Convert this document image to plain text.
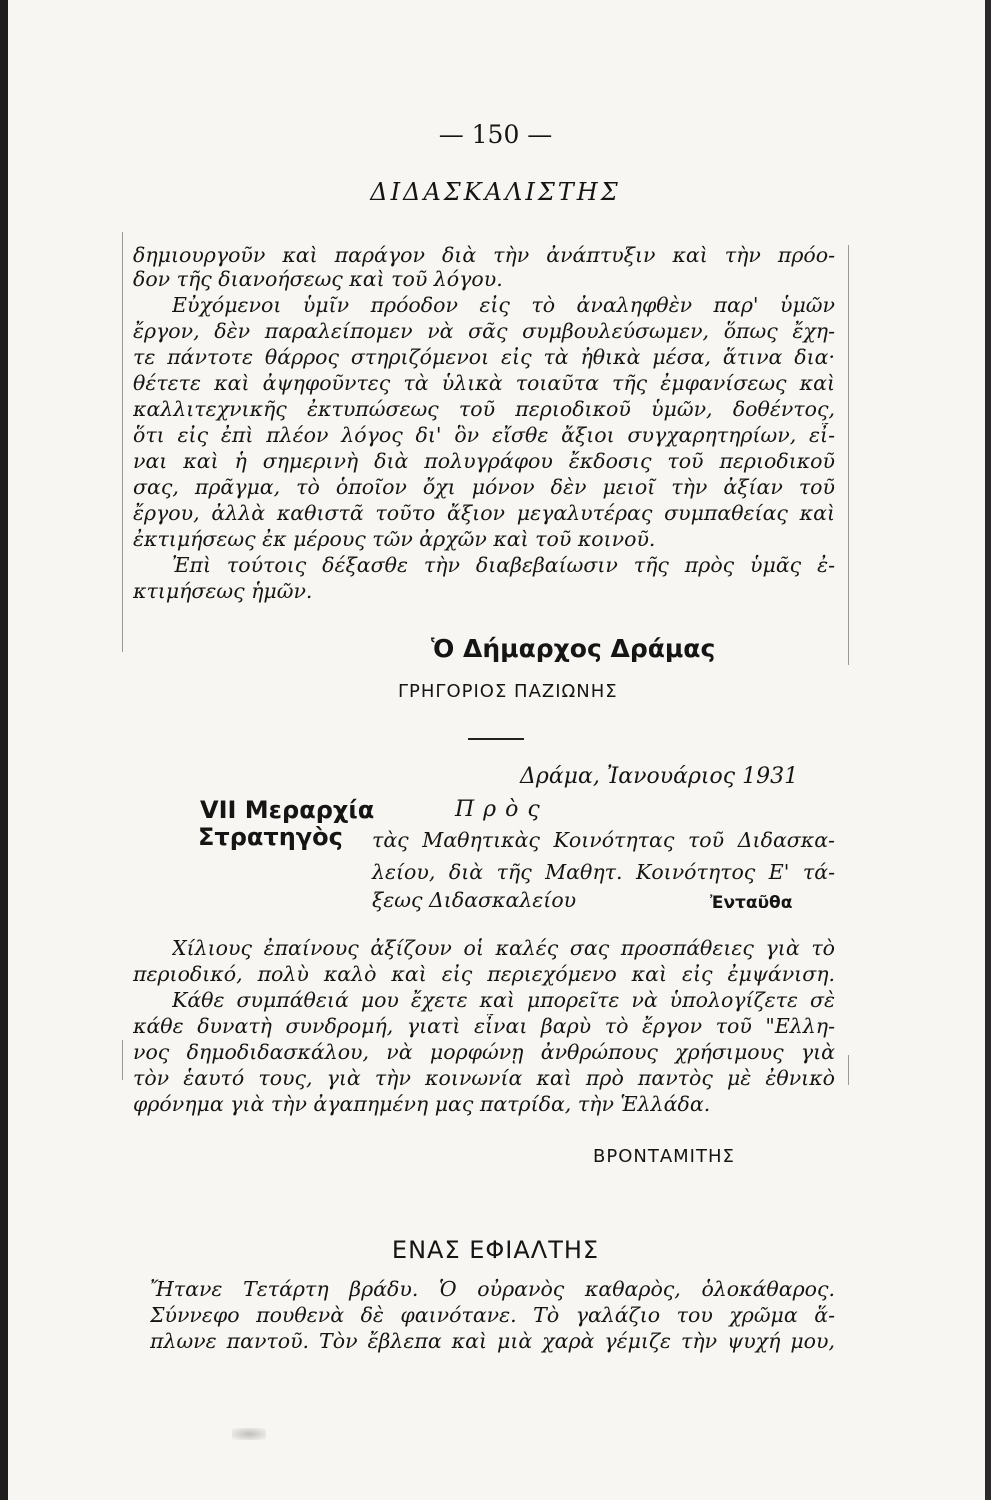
— 150 —
ΔΙΔΑΣΚΑΛΙΣΤΗΣ
δημιουργοῦν καὶ παράγον διὰ τὴν ἀνάπτυξιν καὶ τὴν πρόο-
δον τῆς διανοήσεως καὶ τοῦ λόγου.
Εὐχόμενοι ὑμῖν πρόοδον εἰς τὸ ἀναληφθὲν παρ' ὑμῶν
ἔργον, δὲν παραλείπομεν νὰ σᾶς συμβουλεύσωμεν, ὅπως ἔχη-
τε πάντοτε θάρρος στηριζόμενοι εἰς τὰ ἠθικὰ μέσα, ἅτινα δια·
θέτετε καὶ ἀψηφοῦντες τὰ ὑλικὰ τοιαῦτα τῆς ἐμφανίσεως καὶ
καλλιτεχνικῆς ἐκτυπώσεως τοῦ περιοδικοῦ ὑμῶν, δοθέντος,
ὅτι εἰς ἐπὶ πλέον λόγος δι' ὃν εἴσθε ἄξιοι συγχαρητηρίων, εἶ-
ναι καὶ ἡ σημερινὴ διὰ πολυγράφου ἔκδοσις τοῦ περιοδικοῦ
σας, πρᾶγμα, τὸ ὁποῖον ὄχι μόνον δὲν μειοῖ τὴν ἀξίαν τοῦ
ἔργου, ἀλλὰ καθιστᾶ τοῦτο ἄξιον μεγαλυτέρας συμπαθείας καὶ
ἐκτιμήσεως ἐκ μέρους τῶν ἀρχῶν καὶ τοῦ κοινοῦ.
Ἐπὶ τούτοις δέξασθε τὴν διαβεβαίωσιν τῆς πρὸς ὑμᾶς ἐ-
κτιμήσεως ἡμῶν.
Ὁ Δήμαρχος Δράμας
ΓΡΗΓΟΡΙΟΣ ΠΑΖΙΩΝΗΣ
Δράμα, Ἰανουάριος 1931
VII Μεραρχία
Στρατηγὸς
Πρὸς
τὰς Μαθητικὰς Κοινότητας τοῦ Διδασκα-
λείου, διὰ τῆς Μαθητ. Κοινότητος Ε' τά-
ξεως Διδασκαλείου	Ἐνταῦθα
Χίλιους ἐπαίνους ἀξίζουν οἱ καλές σας προσπάθειες γιὰ τὸ
περιοδικό, πολὺ καλὸ καὶ εἰς περιεχόμενο καὶ εἰς ἐμψάνιση.
Κάθε συμπάθειά μου ἔχετε καὶ μπορεῖτε νὰ ὑπολογίζετε σὲ
κάθε δυνατὴ συνδρομή, γιατὶ εἶναι βαρὺ τὸ ἔργον τοῦ "Ελλη-
νος δημοδιδασκάλου, νὰ μορφώνῃ ἀνθρώπους χρήσιμους γιὰ
τὸν ἑαυτό τους, γιὰ τὴν κοινωνία καὶ πρὸ παντὸς μὲ ἐθνικὸ
φρόνημα γιὰ τὴν ἀγαπημένη μας πατρίδα, τὴν Ἑλλάδα.
ΒΡΟΝΤΑΜΙΤΗΣ
ΕΝΑΣ ΕΦΙΑΛΤΗΣ
Ἤτανε Τετάρτη βράδυ. Ὁ οὐρανὸς καθαρὸς, ὁλοκάθαρος.
Σύννεφο πουθενὰ δὲ φαινότανε. Τὸ γαλάζιο του χρῶμα ἅ-
πλωνε παντοῦ. Τὸν ἔβλεπα καὶ μιὰ χαρὰ γέμιζε τὴν ψυχή μου,
